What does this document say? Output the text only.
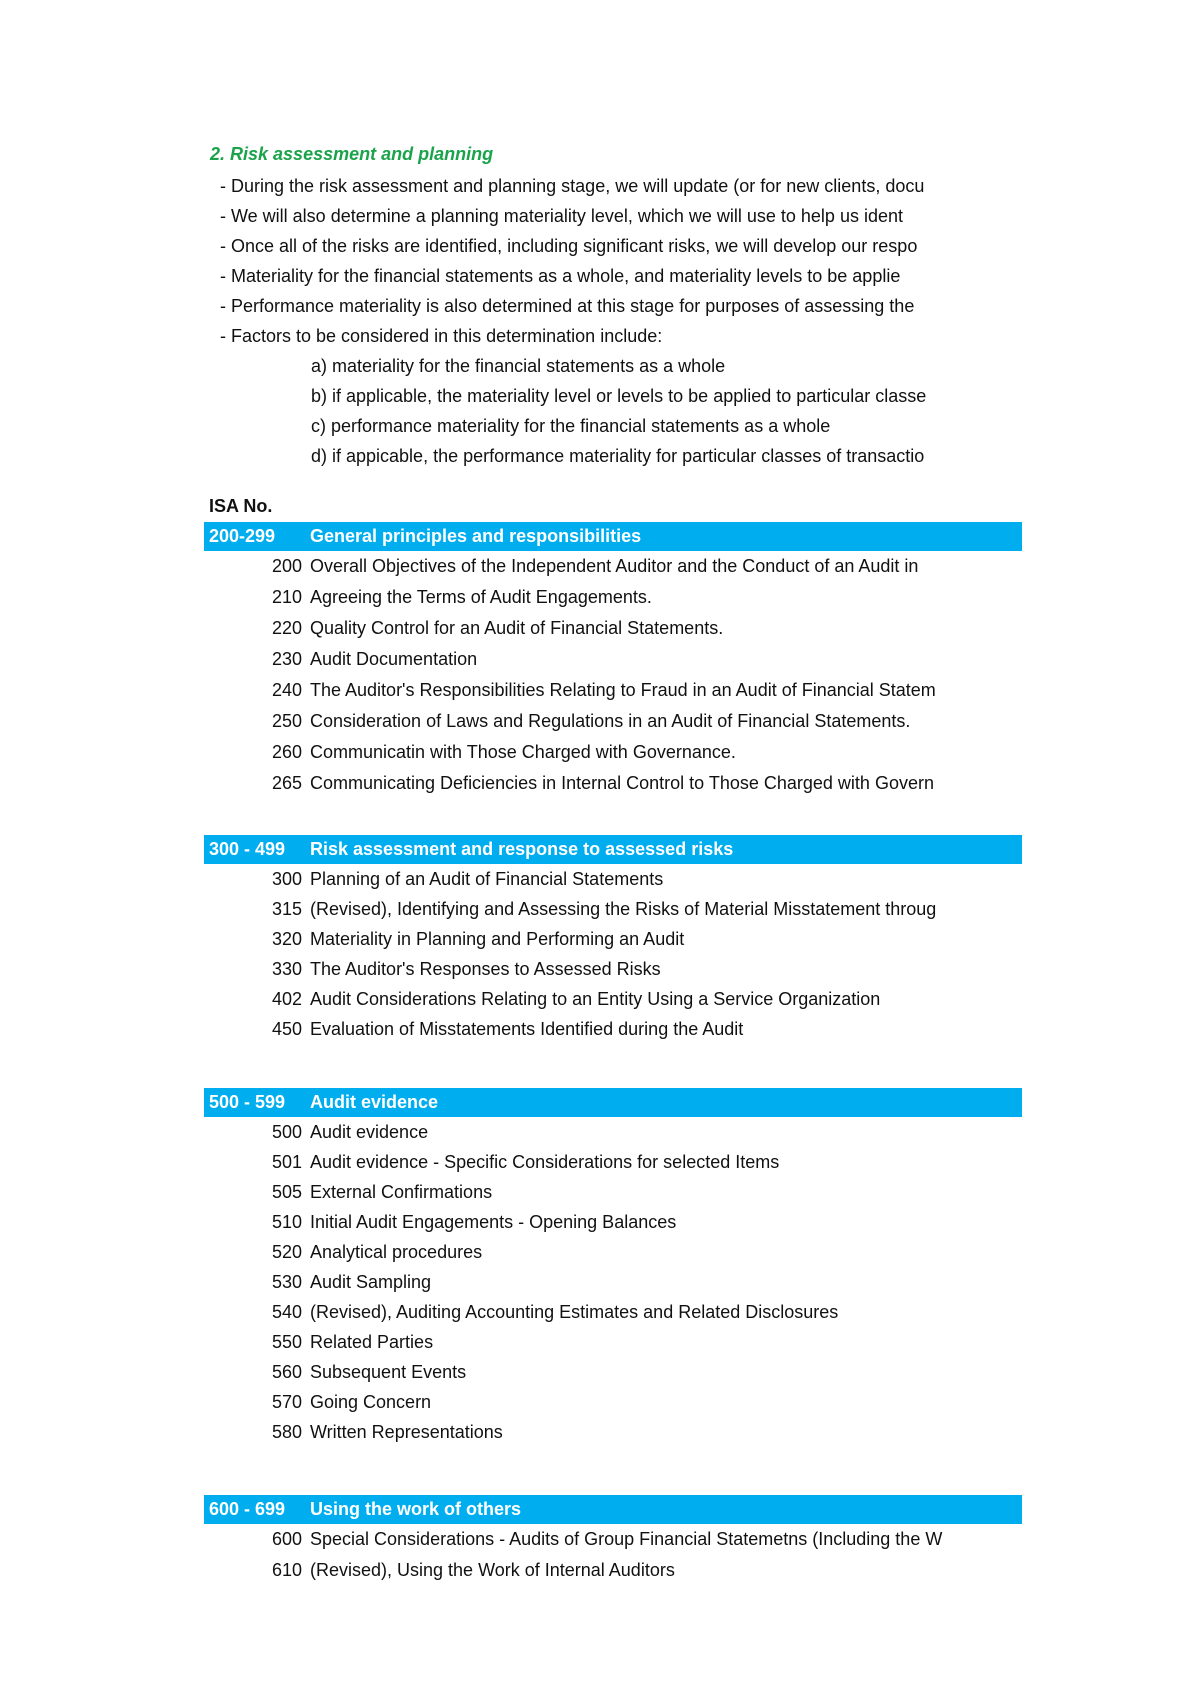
2. Risk assessment and planning
- During the risk assessment and planning stage, we will update (or for new clients, docu
- We will also determine a planning materiality level, which we will use to help us ident
- Once all of the risks are identified, including significant risks, we will develop our respo
- Materiality for the financial statements as a whole, and materiality levels to be applie
- Performance materiality is also determined at this stage for purposes of assessing the
- Factors to be considered in this determination include:
a) materiality for the financial statements as a whole
b) if applicable, the materiality level or levels to be applied to particular classe
c) performance materiality for the financial statements as a whole
d) if appicable, the performance materiality for particular classes of transactio
ISA No.
200-299 General principles and responsibilities
200 Overall Objectives of the Independent Auditor and the Conduct of an Audit in
210 Agreeing the Terms of Audit Engagements.
220 Quality Control for an Audit of Financial Statements.
230 Audit Documentation
240 The Auditor's Responsibilities Relating to Fraud in an Audit of Financial Statem
250 Consideration of Laws and Regulations in an Audit of Financial Statements.
260 Communicatin with Those Charged with Governance.
265 Communicating Deficiencies in Internal Control to Those Charged with Govern
300 - 499 Risk assessment and response to assessed risks
300 Planning of an Audit of Financial Statements
315 (Revised), Identifying and Assessing the Risks of Material Misstatement throug
320 Materiality in Planning and Performing an Audit
330 The Auditor's Responses to Assessed Risks
402 Audit Considerations Relating to an Entity Using a Service Organization
450 Evaluation of Misstatements Identified during the Audit
500 - 599 Audit evidence
500 Audit evidence
501 Audit evidence - Specific Considerations for selected Items
505 External Confirmations
510 Initial Audit Engagements - Opening Balances
520 Analytical procedures
530 Audit Sampling
540 (Revised), Auditing Accounting Estimates and Related Disclosures
550 Related Parties
560 Subsequent Events
570 Going Concern
580 Written Representations
600 - 699 Using the work of others
600 Special Considerations - Audits of Group Financial Statemetns (Including the W
610 (Revised), Using the Work of Internal Auditors
